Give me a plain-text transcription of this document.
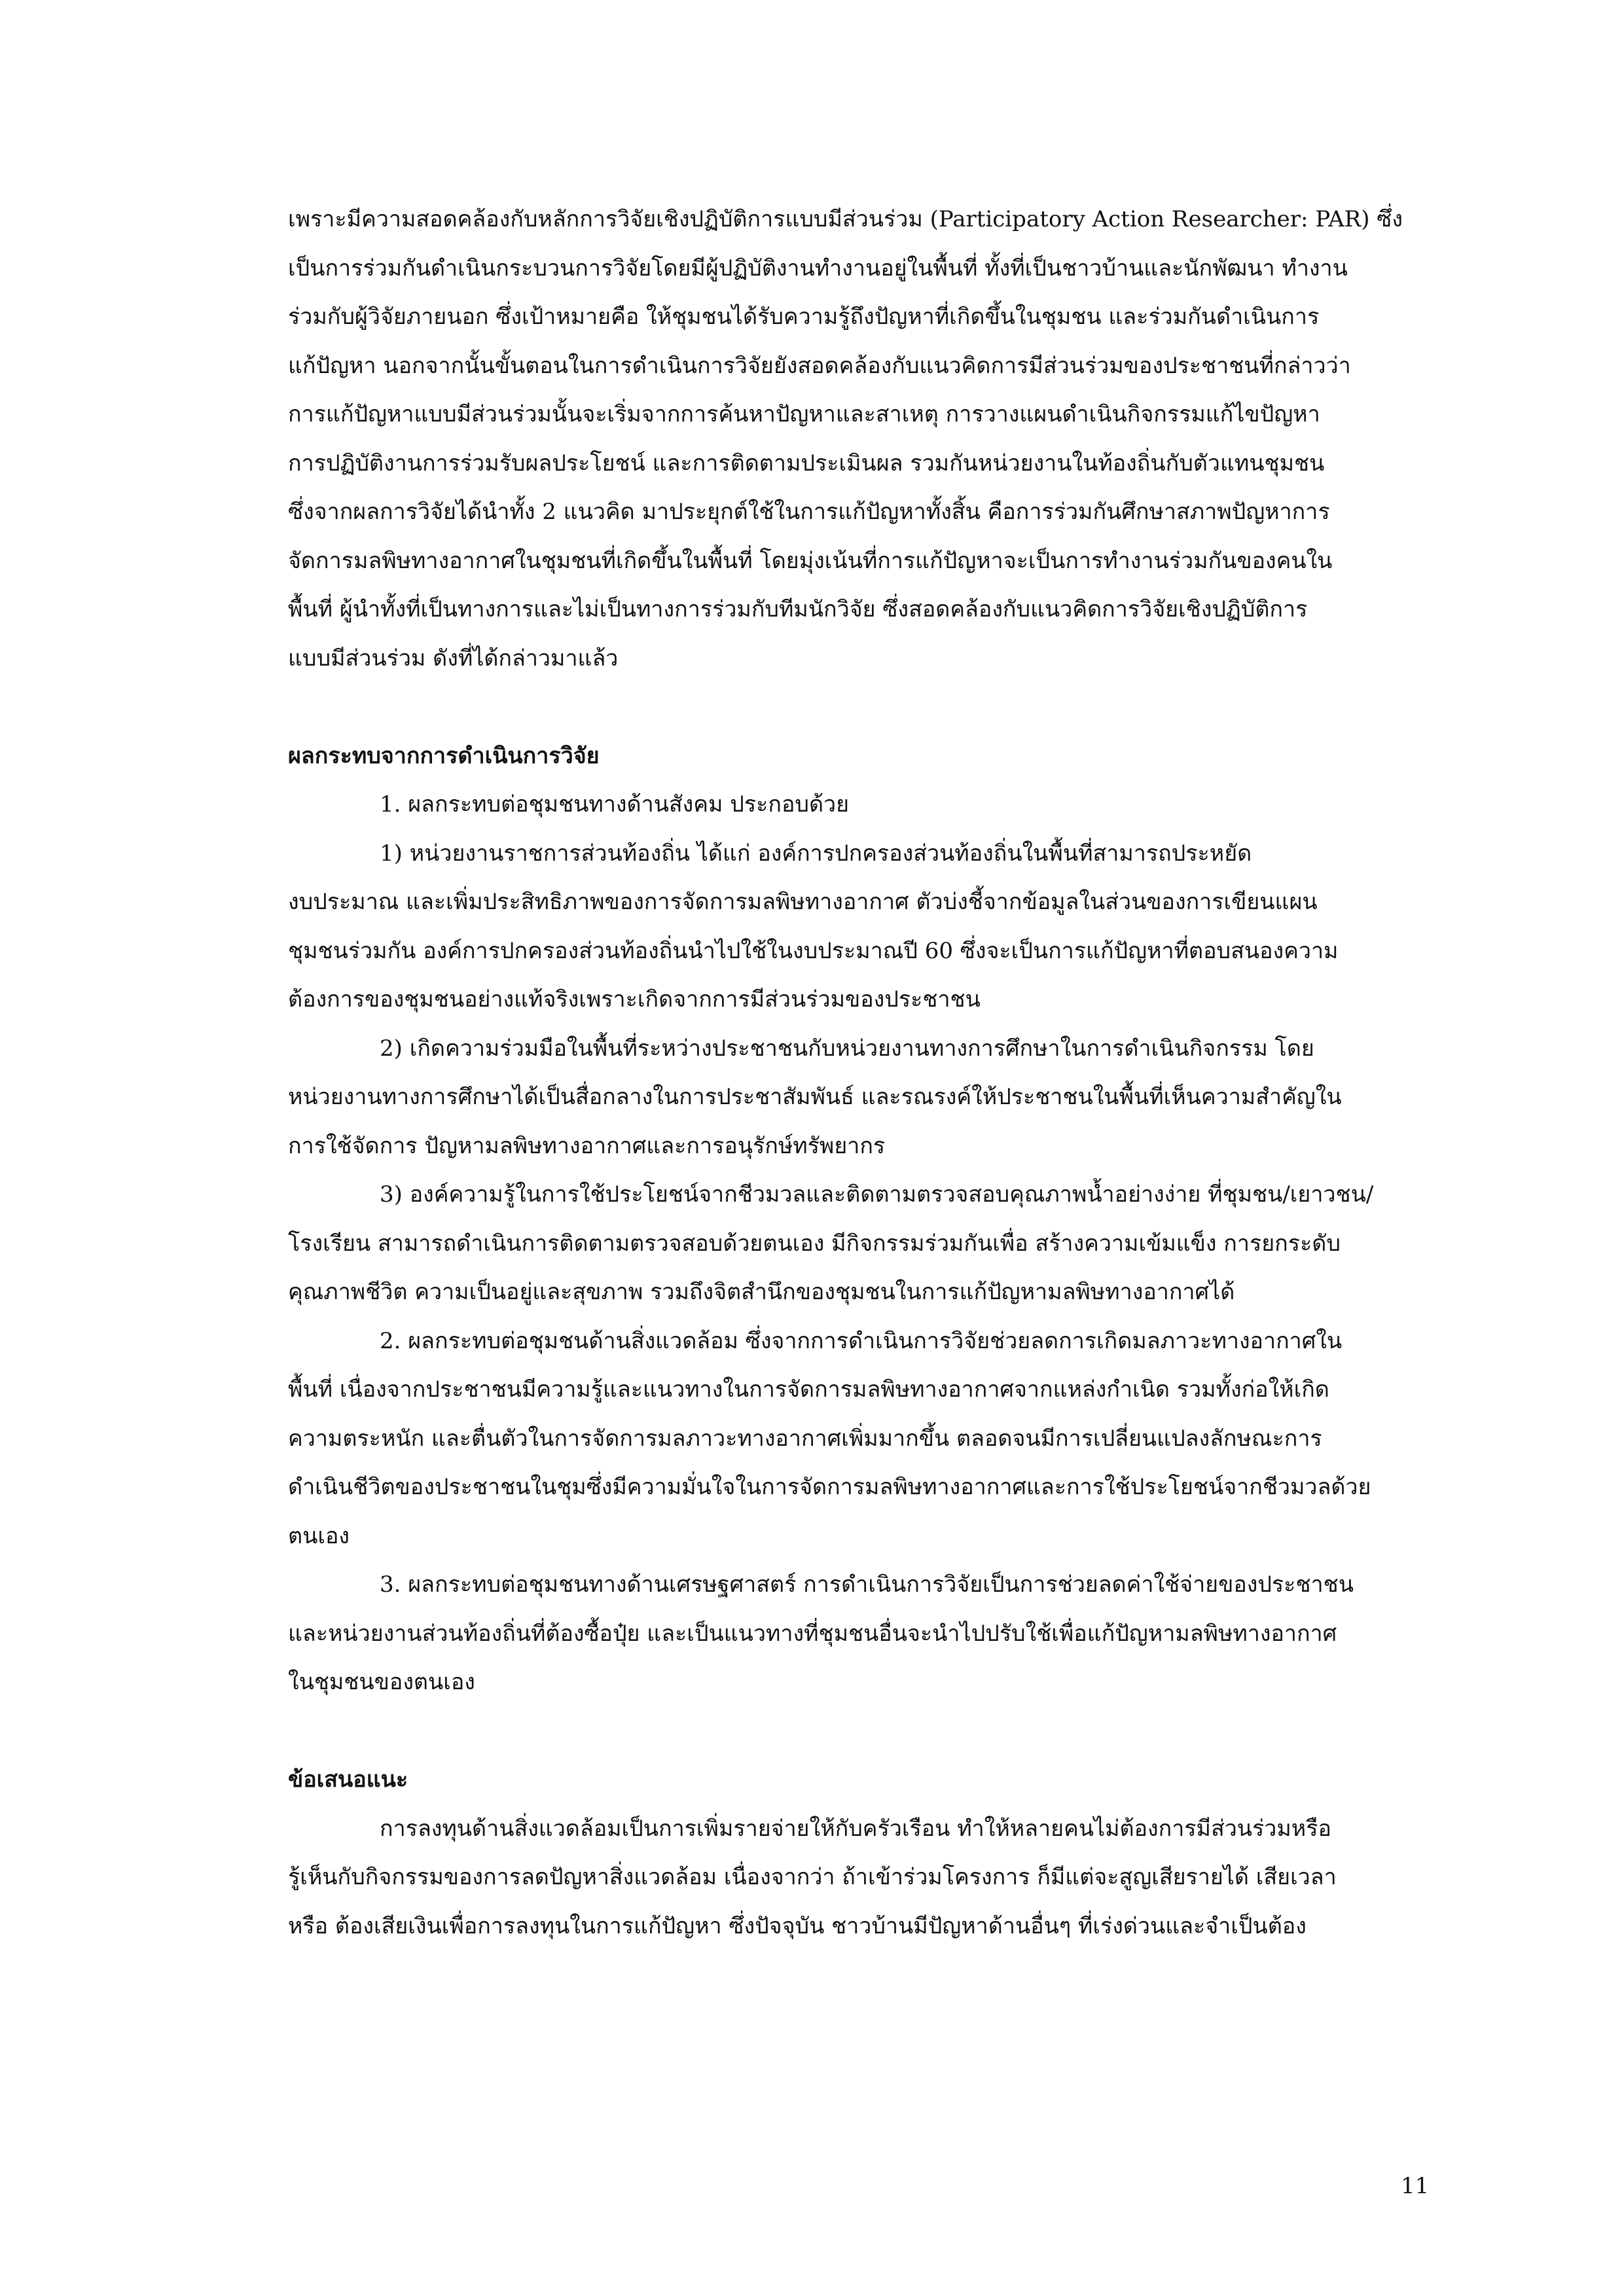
เพราะมีความสอดคล้องกับหลักการวิจัยเชิงปฏิบัติการแบบมีส่วนร่วม (Participatory Action Researcher: PAR) ซึ่ง
เป็นการร่วมกันดำเนินกระบวนการวิจัยโดยมีผู้ปฏิบัติงานทำงานอยู่ในพื้นที่ ทั้งที่เป็นชาวบ้านและนักพัฒนา ทำงาน
ร่วมกับผู้วิจัยภายนอก ซึ่งเป้าหมายคือ ให้ชุมชนได้รับความรู้ถึงปัญหาที่เกิดขึ้นในชุมชน และร่วมกันดำเนินการ
แก้ปัญหา นอกจากนั้นขั้นตอนในการดำเนินการวิจัยยังสอดคล้องกับแนวคิดการมีส่วนร่วมของประชาชนที่กล่าวว่า
การแก้ปัญหาแบบมีส่วนร่วมนั้นจะเริ่มจากการค้นหาปัญหาและสาเหตุ การวางแผนดำเนินกิจกรรมแก้ไขปัญหา
การปฏิบัติงานการร่วมรับผลประโยชน์ และการติดตามประเมินผล รวมกันหน่วยงานในท้องถิ่นกับตัวแทนชุมชน
ซึ่งจากผลการวิจัยได้นำทั้ง 2 แนวคิด มาประยุกต์ใช้ในการแก้ปัญหาทั้งสิ้น คือการร่วมกันศึกษาสภาพปัญหาการ
จัดการมลพิษทางอากาศในชุมชนที่เกิดขึ้นในพื้นที่ โดยมุ่งเน้นที่การแก้ปัญหาจะเป็นการทำงานร่วมกันของคนใน
พื้นที่ ผู้นำทั้งที่เป็นทางการและไม่เป็นทางการร่วมกับทีมนักวิจัย ซึ่งสอดคล้องกับแนวคิดการวิจัยเชิงปฏิบัติการ
แบบมีส่วนร่วม ดังที่ได้กล่าวมาแล้ว
ผลกระทบจากการดำเนินการวิจัย
1. ผลกระทบต่อชุมชนทางด้านสังคม ประกอบด้วย
1) หน่วยงานราชการส่วนท้องถิ่น ได้แก่ องค์การปกครองส่วนท้องถิ่นในพื้นที่สามารถประหยัด
งบประมาณ และเพิ่มประสิทธิภาพของการจัดการมลพิษทางอากาศ ตัวบ่งชี้จากข้อมูลในส่วนของการเขียนแผน
ชุมชนร่วมกัน องค์การปกครองส่วนท้องถิ่นนำไปใช้ในงบประมาณปี 60 ซึ่งจะเป็นการแก้ปัญหาที่ตอบสนองความ
ต้องการของชุมชนอย่างแท้จริงเพราะเกิดจากการมีส่วนร่วมของประชาชน
2) เกิดความร่วมมือในพื้นที่ระหว่างประชาชนกับหน่วยงานทางการศึกษาในการดำเนินกิจกรรม โดย
หน่วยงานทางการศึกษาได้เป็นสื่อกลางในการประชาสัมพันธ์ และรณรงค์ให้ประชาชนในพื้นที่เห็นความสำคัญใน
การใช้จัดการ ปัญหามลพิษทางอากาศและการอนุรักษ์ทรัพยากร
3) องค์ความรู้ในการใช้ประโยชน์จากชีวมวลและติดตามตรวจสอบคุณภาพน้ำอย่างง่าย ที่ชุมชน/เยาวชน/
โรงเรียน สามารถดำเนินการติดตามตรวจสอบด้วยตนเอง มีกิจกรรมร่วมกันเพื่อ สร้างความเข้มแข็ง การยกระดับ
คุณภาพชีวิต ความเป็นอยู่และสุขภาพ รวมถึงจิตสำนึกของชุมชนในการแก้ปัญหามลพิษทางอากาศได้
2. ผลกระทบต่อชุมชนด้านสิ่งแวดล้อม ซึ่งจากการดำเนินการวิจัยช่วยลดการเกิดมลภาวะทางอากาศใน
พื้นที่ เนื่องจากประชาชนมีความรู้และแนวทางในการจัดการมลพิษทางอากาศจากแหล่งกำเนิด รวมทั้งก่อให้เกิด
ความตระหนัก และตื่นตัวในการจัดการมลภาวะทางอากาศเพิ่มมากขึ้น ตลอดจนมีการเปลี่ยนแปลงลักษณะการ
ดำเนินชีวิตของประชาชนในชุมซึ่งมีความมั่นใจในการจัดการมลพิษทางอากาศและการใช้ประโยชน์จากชีวมวลด้วย
ตนเอง
3. ผลกระทบต่อชุมชนทางด้านเศรษฐศาสตร์ การดำเนินการวิจัยเป็นการช่วยลดค่าใช้จ่ายของประชาชน
และหน่วยงานส่วนท้องถิ่นที่ต้องซื้อปุ๋ย และเป็นแนวทางที่ชุมชนอื่นจะนำไปปรับใช้เพื่อแก้ปัญหามลพิษทางอากาศ
ในชุมชนของตนเอง
ข้อเสนอแนะ
การลงทุนด้านสิ่งแวดล้อมเป็นการเพิ่มรายจ่ายให้กับครัวเรือน ทำให้หลายคนไม่ต้องการมีส่วนร่วมหรือ
รู้เห็นกับกิจกรรมของการลดปัญหาสิ่งแวดล้อม เนื่องจากว่า ถ้าเข้าร่วมโครงการ ก็มีแต่จะสูญเสียรายได้ เสียเวลา
หรือ ต้องเสียเงินเพื่อการลงทุนในการแก้ปัญหา ซึ่งปัจจุบัน ชาวบ้านมีปัญหาด้านอื่นๆ ที่เร่งด่วนและจำเป็นต้อง
11
